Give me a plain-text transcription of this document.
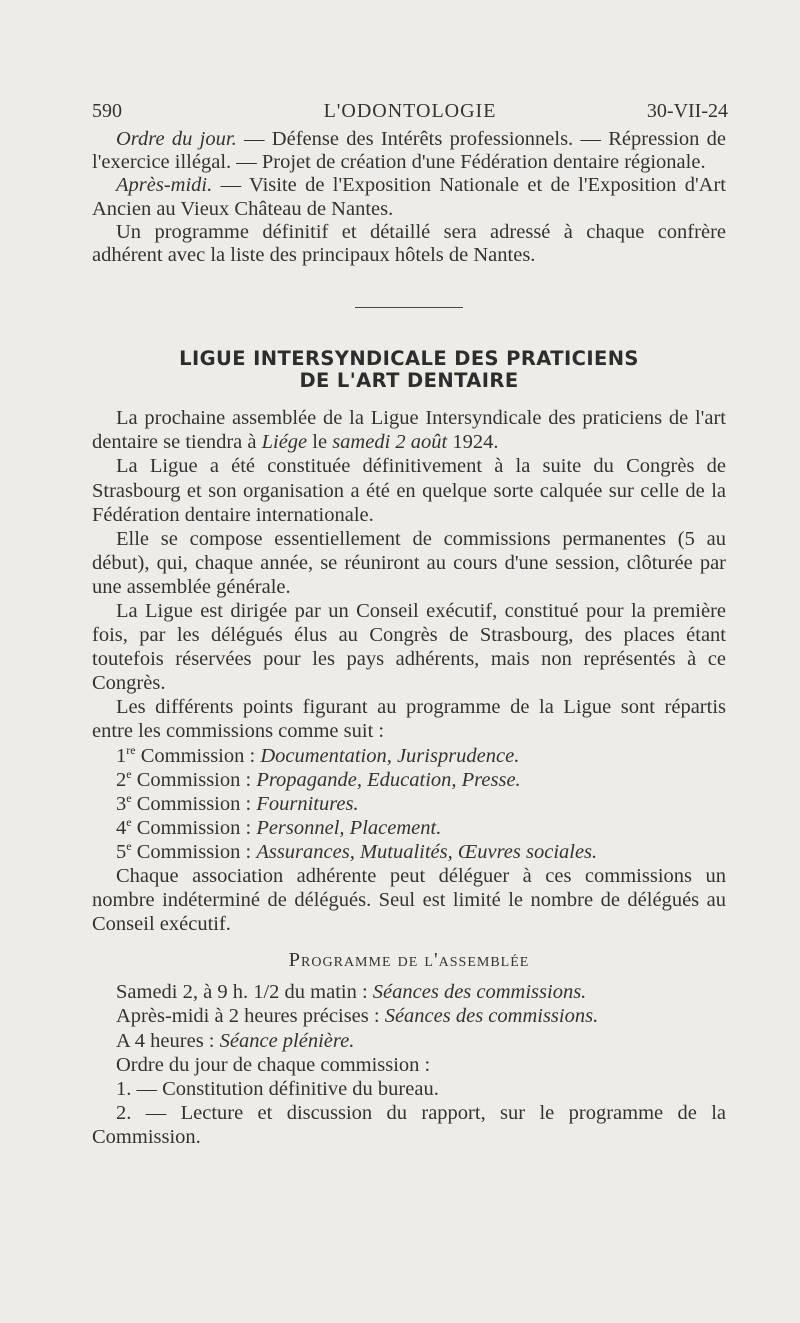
590	L'ODONTOLOGIE	30-VII-24

Ordre du jour. — Défense des Intérêts professionnels. — Répression de l'exercice illégal. — Projet de création d'une Fédération dentaire régionale.

Après-midi. — Visite de l'Exposition Nationale et de l'Exposition d'Art Ancien au Vieux Château de Nantes.

Un programme définitif et détaillé sera adressé à chaque confrère adhérent avec la liste des principaux hôtels de Nantes.

LIGUE INTERSYNDICALE DES PRATICIENS
DE L'ART DENTAIRE

La prochaine assemblée de la Ligue Intersyndicale des praticiens de l'art dentaire se tiendra à Liége le samedi 2 août 1924.

La Ligue a été constituée définitivement à la suite du Congrès de Strasbourg et son organisation a été en quelque sorte calquée sur celle de la Fédération dentaire internationale.

Elle se compose essentiellement de commissions permanentes (5 au début), qui, chaque année, se réuniront au cours d'une session, clôturée par une assemblée générale.

La Ligue est dirigée par un Conseil exécutif, constitué pour la première fois, par les délégués élus au Congrès de Strasbourg, des places étant toutefois réservées pour les pays adhérents, mais non représentés à ce Congrès.

Les différents points figurant au programme de la Ligue sont répartis entre les commissions comme suit :

1re Commission : Documentation, Jurisprudence.

2e Commission : Propagande, Education, Presse.

3e Commission : Fournitures.

4e Commission : Personnel, Placement.

5e Commission : Assurances, Mutualités, Œuvres sociales.

Chaque association adhérente peut déléguer à ces commissions un nombre indéterminé de délégués. Seul est limité le nombre de délégués au Conseil exécutif.

Programme de l'assemblée

Samedi 2, à 9 h. 1/2 du matin : Séances des commissions.

Après-midi à 2 heures précises : Séances des commissions.

A 4 heures : Séance plénière.

Ordre du jour de chaque commission :

1. — Constitution définitive du bureau.

2. — Lecture et discussion du rapport, sur le programme de la Commission.
